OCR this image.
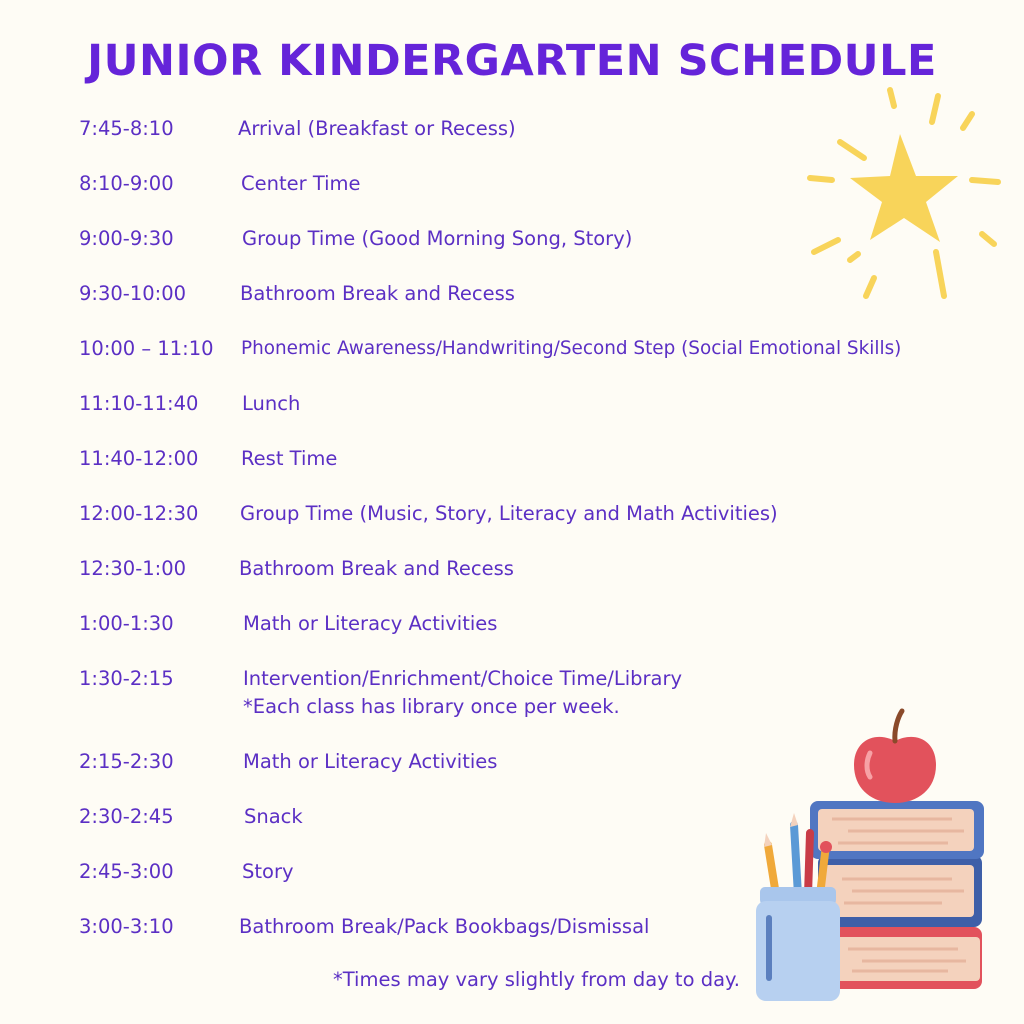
JUNIOR KINDERGARTEN SCHEDULE
7:45-8:10	Arrival (Breakfast or Recess)
8:10-9:00	Center Time
9:00-9:30	Group Time (Good Morning Song, Story)
9:30-10:00	Bathroom Break and Recess
10:00 – 11:10 Phonemic Awareness/Handwriting/Second Step (Social Emotional Skills)
11:10-11:40 Lunch
11:40-12:00 Rest Time
12:00-12:30 Group Time (Music, Story, Literacy and Math Activities)
12:30-1:00	Bathroom Break and Recess
1:00-1:30	Math or Literacy Activities
1:30-2:15	Intervention/Enrichment/Choice Time/Library
*Each class has library once per week.
2:15-2:30	Math or Literacy Activities
2:30-2:45	Snack
2:45-3:00	Story
3:00-3:10	Bathroom Break/Pack Bookbags/Dismissal
*Times may vary slightly from day to day.
